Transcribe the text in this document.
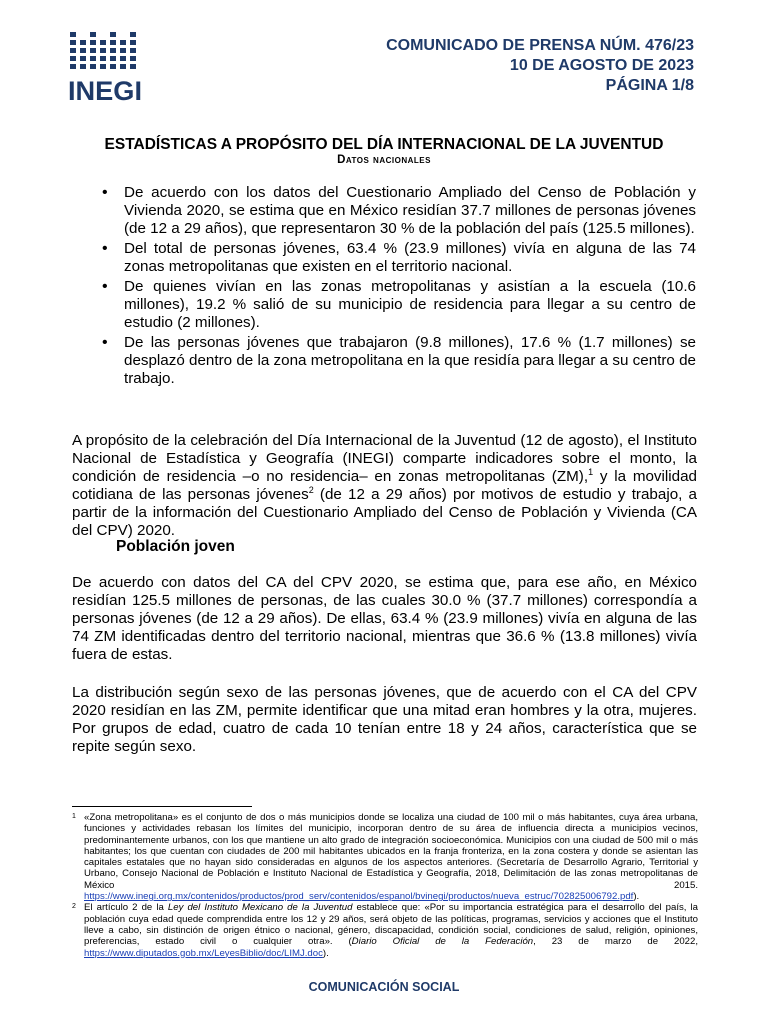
INEGI
COMUNICADO DE PRENSA NÚM. 476/23
10 DE AGOSTO DE 2023
PÁGINA 1/8
ESTADÍSTICAS A PROPÓSITO DEL DÍA INTERNACIONAL DE LA JUVENTUD
Datos nacionales
• De acuerdo con los datos del Cuestionario Ampliado del Censo de Población y Vivienda 2020, se estima que en México residían 37.7 millones de personas jóvenes (de 12 a 29 años), que representaron 30 % de la población del país (125.5 millones).
• Del total de personas jóvenes, 63.4 % (23.9 millones) vivía en alguna de las 74 zonas metropolitanas que existen en el territorio nacional.
• De quienes vivían en las zonas metropolitanas y asistían a la escuela (10.6 millones), 19.2 % salió de su municipio de residencia para llegar a su centro de estudio (2 millones).
• De las personas jóvenes que trabajaron (9.8 millones), 17.6 % (1.7 millones) se desplazó dentro de la zona metropolitana en la que residía para llegar a su centro de trabajo.
A propósito de la celebración del Día Internacional de la Juventud (12 de agosto), el Instituto Nacional de Estadística y Geografía (INEGI) comparte indicadores sobre el monto, la condición de residencia –o no residencia– en zonas metropolitanas (ZM),$^1$ y la movilidad cotidiana de las personas jóvenes$^2$ (de 12 a 29 años) por motivos de estudio y trabajo, a partir de la información del Cuestionario Ampliado del Censo de Población y Vivienda (CA del CPV) 2020.
Población joven
De acuerdo con datos del CA del CPV 2020, se estima que, para ese año, en México residían 125.5 millones de personas, de las cuales 30.0 % (37.7 millones) correspondía a personas jóvenes (de 12 a 29 años). De ellas, 63.4 % (23.9 millones) vivía en alguna de las 74 ZM identificadas dentro del territorio nacional, mientras que 36.6 % (13.8 millones) vivía fuera de estas.
La distribución según sexo de las personas jóvenes, que de acuerdo con el CA del CPV 2020 residían en las ZM, permite identificar que una mitad eran hombres y la otra, mujeres. Por grupos de edad, cuatro de cada 10 tenían entre 18 y 24 años, característica que se repite según sexo.
1 «Zona metropolitana» es el conjunto de dos o más municipios donde se localiza una ciudad de 100 mil o más habitantes, cuya área urbana, funciones y actividades rebasan los límites del municipio, incorporan dentro de su área de influencia directa a municipios vecinos, predominantemente urbanos, con los que mantiene un alto grado de integración socioeconómica. Municipios con una ciudad de 500 mil o más habitantes; los que cuentan con ciudades de 200 mil habitantes ubicados en la franja fronteriza, en la zona costera y donde se asientan las capitales estatales que no hayan sido consideradas en algunos de los aspectos anteriores. (Secretaría de Desarrollo Agrario, Territorial y Urbano, Consejo Nacional de Población e Instituto Nacional de Estadística y Geografía, 2018, Delimitación de las zonas metropolitanas de México 2015. https://www.inegi.org.mx/contenidos/productos/prod_serv/contenidos/espanol/bvinegi/productos/nueva_estruc/702825006792.pdf).
2 El artículo 2 de la Ley del Instituto Mexicano de la Juventud establece que: «Por su importancia estratégica para el desarrollo del país, la población cuya edad quede comprendida entre los 12 y 29 años, será objeto de las políticas, programas, servicios y acciones que el Instituto lleve a cabo, sin distinción de origen étnico o nacional, género, discapacidad, condición social, condiciones de salud, religión, opiniones, preferencias, estado civil o cualquier otra». (Diario Oficial de la Federación, 23 de marzo de 2022, https://www.diputados.gob.mx/LeyesBiblio/doc/LIMJ.doc).
COMUNICACIÓN SOCIAL
